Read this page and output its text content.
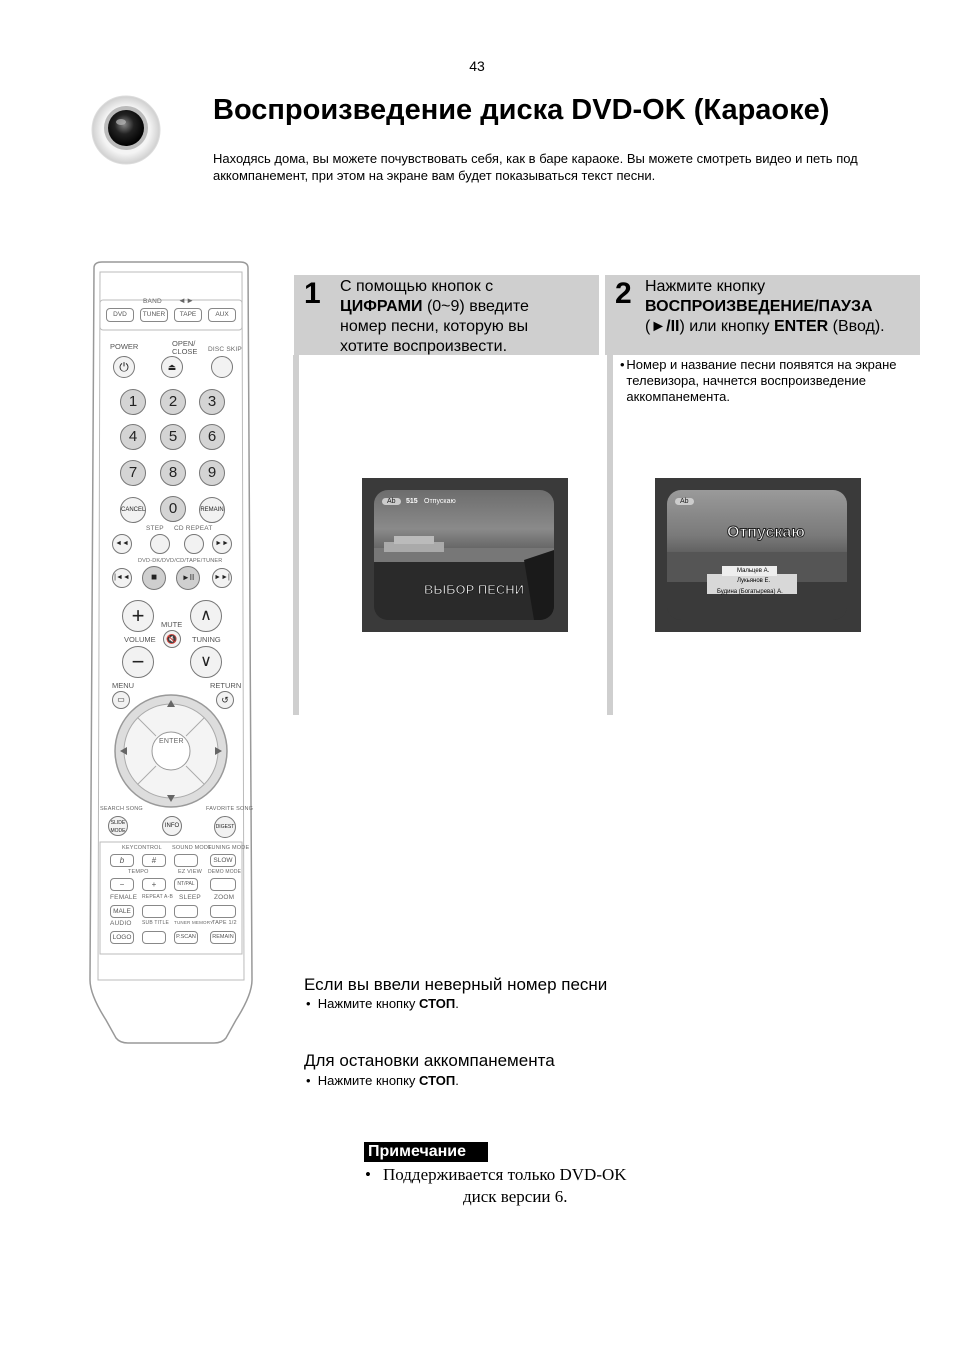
43
Воспроизведение диска DVD-OK (Караоке)
Находясь дома, вы можете почувствовать себя, как в баре караоке. Вы можете смотреть видео и петь под аккомпанемент, при этом на экране вам будет показываться текст песни.
1 С помощью кнопок с
ЦИФРАМИ (0~9) введите
номер песни, которую вы
хотите воспроизвести.
Ab	515 Отпускаю
ВЫБОР ПЕСНИ
2 Нажмите кнопку
ВОСПРОИЗВЕДЕНИЕ/ПАУЗА
(►/II) или кнопку ENTER (Ввод).
• Номер и название песни появятся на экране телевизора, начнется воспроизведение аккомпанемента.
Ab
Отпускаю
Мальцев А.
Лукьянов Е.
Будина (Богатырева) А.
Если вы ввели неверный номер песни
• Нажмите кнопку СТОП.
Для остановки аккомпанемента
• Нажмите кнопку СТОП.
Примечание
• Поддерживается только DVD-OK
диск версии 6.
BAND ◄►
DVD	TUNER	TAPE	AUX
POWER	OPEN/
CLOSE DISC SKIP
⏻	⏏
1	2	3
4	5	6
7	8	9
CANCEL	0	REMAIN
STEP CD REPEAT
◄◄	►►
DVD-DK/DVD/CD/TAPE/TUNER
|◄◄	■	►II	►►|
+	MUTE
🔇
∧
VOLUME	TUNING
−	∨
MENU	RETURN
▭	↺
ENTER
SEARCH SONG	FAVORITE SONG
SLIDE MODE
INFO	DIGEST
KEYCONTROL SOUND MODE
TUNING MODE
b	#	SLOW
TEMPO	EZ VIEW DEMO MODE
−	+	NT/PAL
FEMALE REPEAT A-B SLEEP ZOOM
MALE
AUDIO SUB TITLE TUNER MEMORY
TAPE 1/2
LOGO	P.SCAN	REMAIN
